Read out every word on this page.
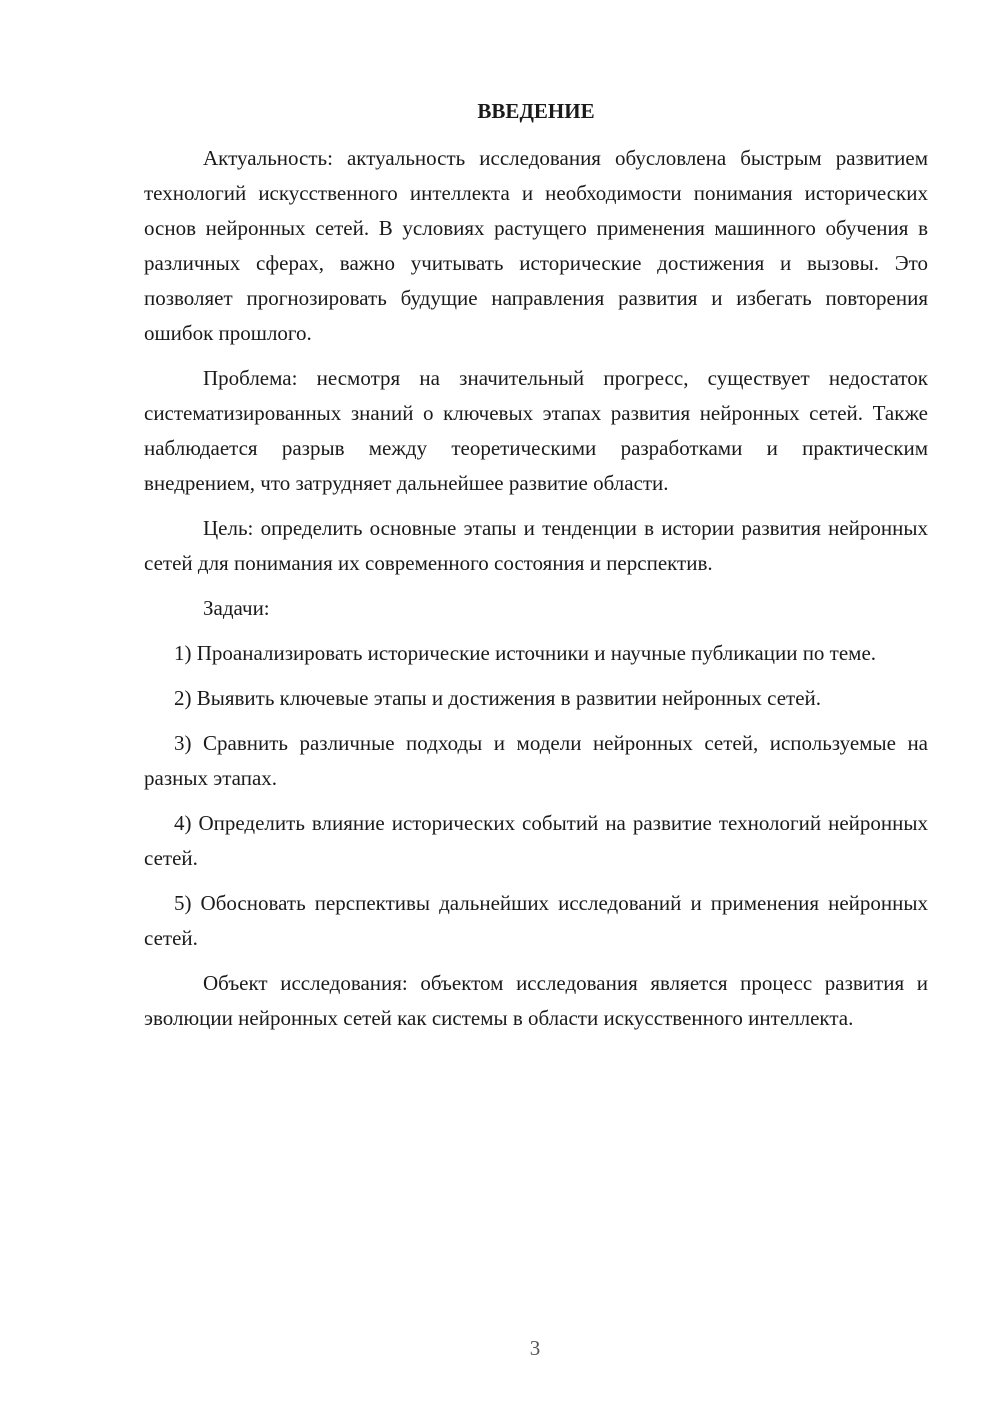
ВВЕДЕНИЕ

Актуальность: актуальность исследования обусловлена быстрым развитием технологий искусственного интеллекта и необходимости понимания исторических основ нейронных сетей. В условиях растущего применения машинного обучения в различных сферах, важно учитывать исторические достижения и вызовы. Это позволяет прогнозировать будущие направления развития и избегать повторения ошибок прошлого.

Проблема: несмотря на значительный прогресс, существует недостаток систематизированных знаний о ключевых этапах развития нейронных сетей. Также наблюдается разрыв между теоретическими разработками и практическим внедрением, что затрудняет дальнейшее развитие области.

Цель: определить основные этапы и тенденции в истории развития нейронных сетей для понимания их современного состояния и перспектив.

Задачи:

1) Проанализировать исторические источники и научные публикации по теме.

2) Выявить ключевые этапы и достижения в развитии нейронных сетей.

3) Сравнить различные подходы и модели нейронных сетей, используемые на разных этапах.

4) Определить влияние исторических событий на развитие технологий нейронных сетей.

5) Обосновать перспективы дальнейших исследований и применения нейронных сетей.

Объект исследования: объектом исследования является процесс развития и эволюции нейронных сетей как системы в области искусственного интеллекта.

3
